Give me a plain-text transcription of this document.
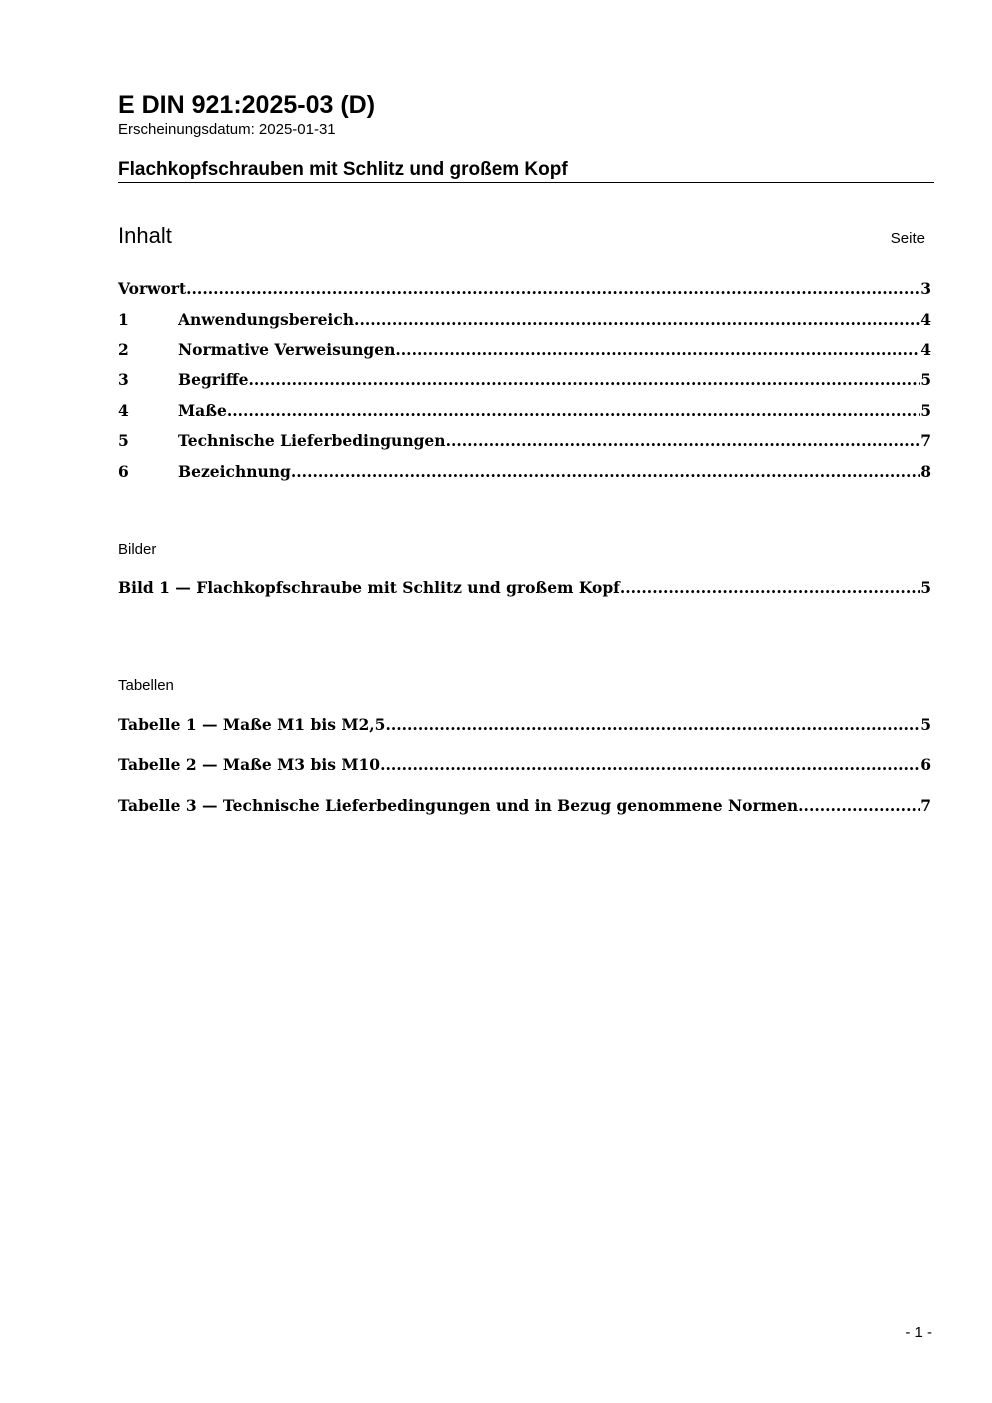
E DIN 921:2025-03 (D)
Erscheinungsdatum: 2025-01-31
Flachkopfschrauben mit Schlitz und großem Kopf
Inhalt	Seite
Vorwort .....	3
1	Anwendungsbereich .....	4
2	Normative Verweisungen .....	4
3	Begriffe .....	5
4	Maße .....	5
5	Technische Lieferbedingungen .....	7
6	Bezeichnung .....	8
Bilder
Bild 1 — Flachkopfschraube mit Schlitz und großem Kopf .....	5
Tabellen
Tabelle 1 — Maße M1 bis M2,5 .....	5
Tabelle 2 — Maße M3 bis M10 .....	6
Tabelle 3 — Technische Lieferbedingungen und in Bezug genommene Normen .....	7
- 1 -
